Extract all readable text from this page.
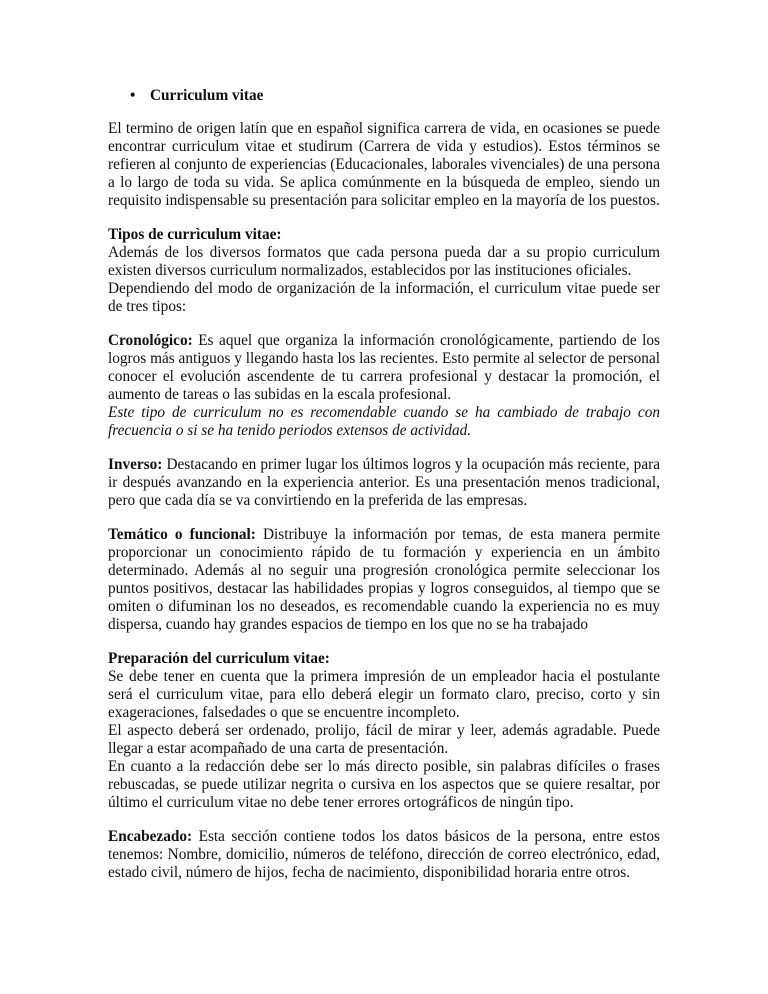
• Curriculum vitae

El termino de origen latín que en español significa carrera de vida, en ocasiones se puede encontrar curriculum vitae et studirum (Carrera de vida y estudios). Estos términos se refieren al conjunto de experiencias (Educacionales, laborales vivenciales) de una persona a lo largo de toda su vida. Se aplica comúnmente en la búsqueda de empleo, siendo un requisito indispensable su presentación para solicitar empleo en la mayoría de los puestos.

Tipos de currìculum vitae:

Además de los diversos formatos que cada persona pueda dar a su propio curriculum existen diversos curriculum normalizados, establecidos por las instituciones oficiales.

Dependiendo del modo de organización de la información, el curriculum vitae puede ser de tres tipos:

Cronológico: Es aquel que organiza la información cronológicamente, partiendo de los logros más antiguos y llegando hasta los las recientes. Esto permite al selector de personal conocer el evolución ascendente de tu carrera profesional y destacar la promoción, el aumento de tareas o las subidas en la escala profesional.

Este tipo de curriculum no es recomendable cuando se ha cambiado de trabajo con frecuencia o si se ha tenido periodos extensos de actividad.

Inverso: Destacando en primer lugar los últimos logros y la ocupación más reciente, para ir después avanzando en la experiencia anterior. Es una presentación menos tradicional, pero que cada día se va convirtiendo en la preferida de las empresas.

Temático o funcional: Distribuye la información por temas, de esta manera permite proporcionar un conocimiento rápido de tu formación y experiencia en un ámbito determinado. Además al no seguir una progresión cronológica permite seleccionar los puntos positivos, destacar las habilidades propias y logros conseguidos, al tiempo que se omiten o difuminan los no deseados, es recomendable cuando la experiencia no es muy dispersa, cuando hay grandes espacios de tiempo en los que no se ha trabajado

Preparación del curriculum vitae:

Se debe tener en cuenta que la primera impresión de un empleador hacia el postulante será el curriculum vitae, para ello deberá elegir un formato claro, preciso, corto y sin exageraciones, falsedades o que se encuentre incompleto.

El aspecto deberá ser ordenado, prolijo, fácil de mirar y leer, además agradable. Puede llegar a estar acompañado de una carta de presentación.

En cuanto a la redacción debe ser lo más directo posible, sin palabras difíciles o frases rebuscadas, se puede utilizar negrita o cursiva en los aspectos que se quiere resaltar, por último el curriculum vitae no debe tener errores ortográficos de ningún tipo.

Encabezado: Esta sección contiene todos los datos básicos de la persona, entre estos tenemos: Nombre, domicilio, números de teléfono, dirección de correo electrónico, edad, estado civil, número de hijos, fecha de nacimiento, disponibilidad horaria entre otros.
